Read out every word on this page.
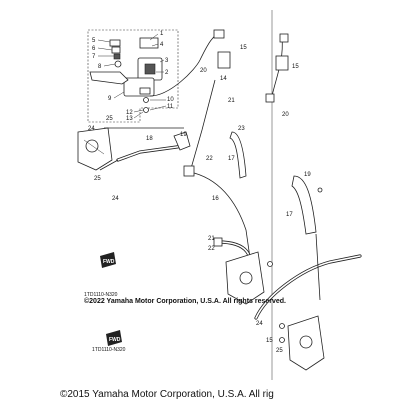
FWD
FWD
1
2
3
4
5
6
7
8
9	10
11
12
13
15
14
20
21
18
19
22
23
17
16
24
25
25
24
21
22
15
20
19
17
24
15
25
1TD1110-N320
1TD1110-N320
©2022 Yamaha Motor Corporation, U.S.A. All rights reserved.
©2015 Yamaha Motor Corporation, U.S.A. All rig
